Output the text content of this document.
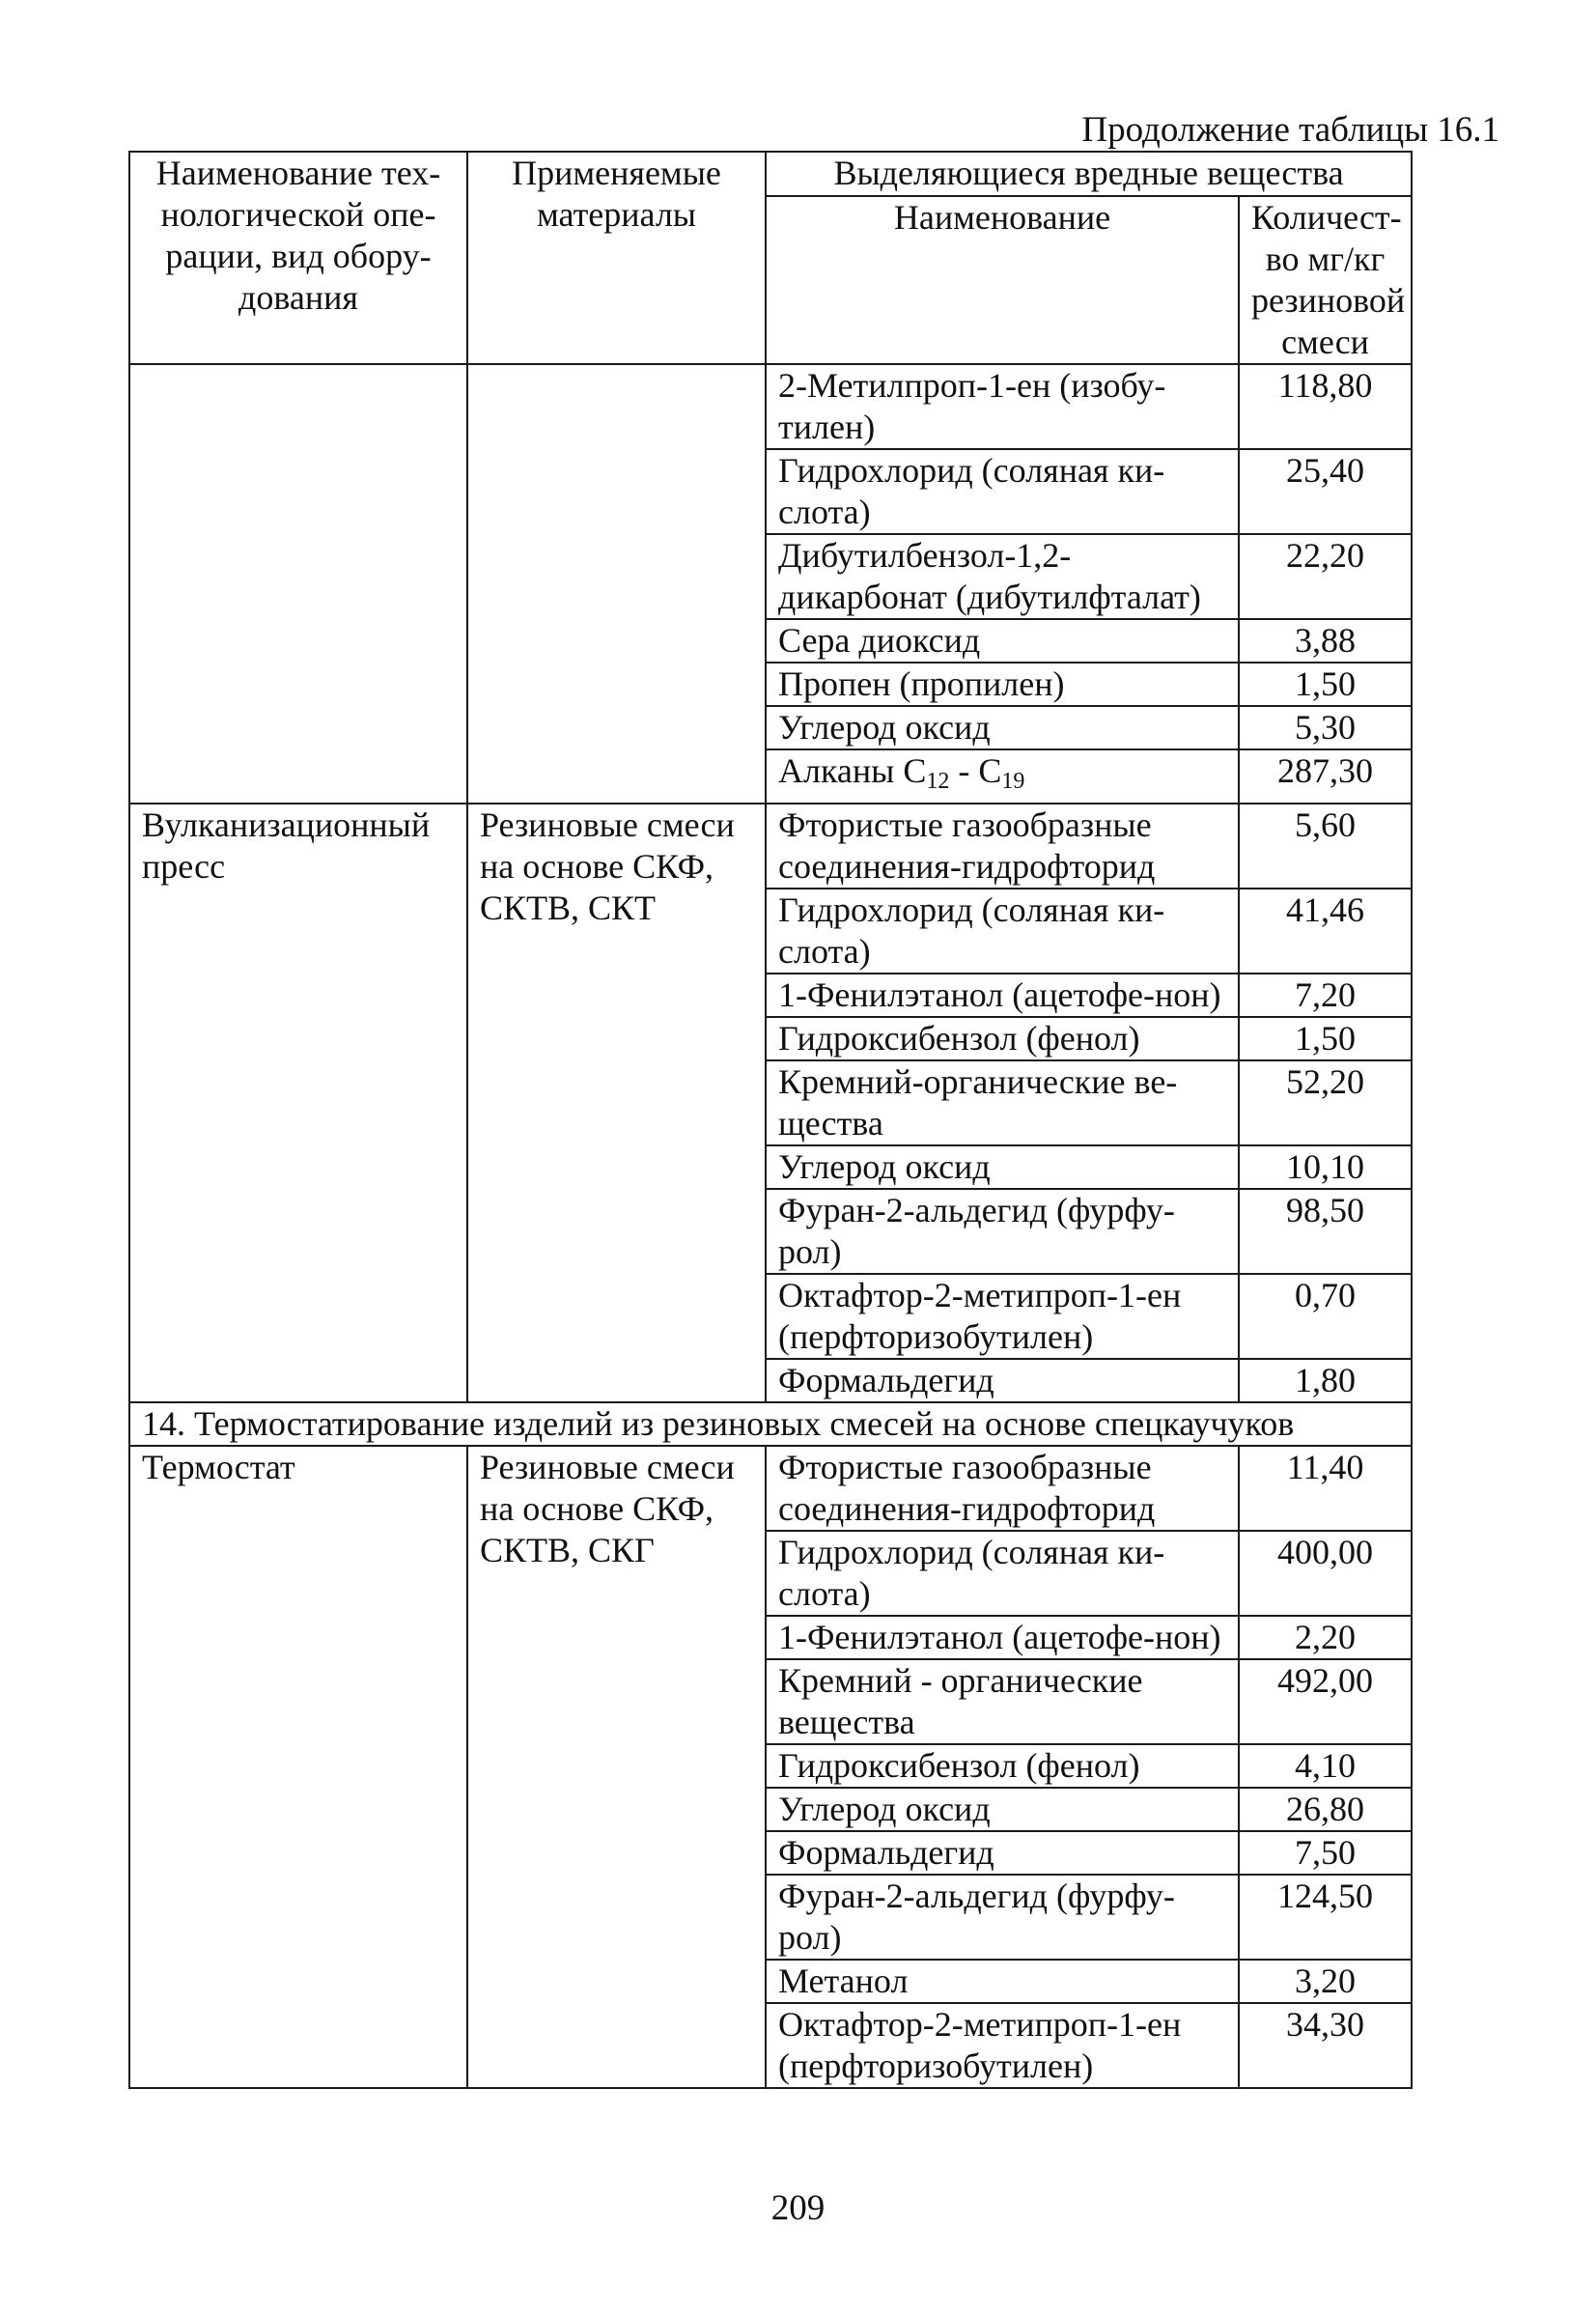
Продолжение таблицы 16.1
Наименование тех-нологической опе-рации, вид обору-дования	Применяемые материалы	Выделяющиеся вредные вещества	
		Наименование	Количест-во мг/кг резиновой смеси
		2-Метилпроп-1-ен (изобу-тилен)	118,80
		Гидрохлорид (соляная ки-слота)	25,40
		Дибутилбензол-1,2-дикарбонат (дибутилфталат)	22,20
		Сера диоксид	3,88
		Пропен (пропилен)	1,50
		Углерод оксид	5,30
		Алканы $C_{12} - C_{19}$	287,30
Вулканизационный пресс	Резиновые смеси на основе СКФ, СКТВ, СКТ	Фтористые газообразные соединения-гидрофторид	5,60
		Гидрохлорид (соляная ки-слота)	41,46
		1-Фенилэтанол (ацетофе-нон)	7,20
		Гидроксибензол (фенол)	1,50
		Кремний-органические ве-щества	52,20
		Углерод оксид	10,10
		Фуран-2-альдегид (фурфу-рол)	98,50
		Октафтор-2-метипроп-1-ен (перфторизобутилен)	0,70
		Формальдегид	1,80
14. Термостатирование изделий из резиновых смесей на основе спецкаучуков			
Термостат	Резиновые смеси на основе СКФ, СКТВ, СКГ	Фтористые газообразные соединения-гидрофторид	11,40
		Гидрохлорид (соляная ки-слота)	400,00
		1-Фенилэтанол (ацетофе-нон)	2,20
		Кремний - органические вещества	492,00
		Гидроксибензол (фенол)	4,10
		Углерод оксид	26,80
		Формальдегид	7,50
		Фуран-2-альдегид (фурфу-рол)	124,50
		Метанол	3,20
		Октафтор-2-метипроп-1-ен (перфторизобутилен)	34,30
209
